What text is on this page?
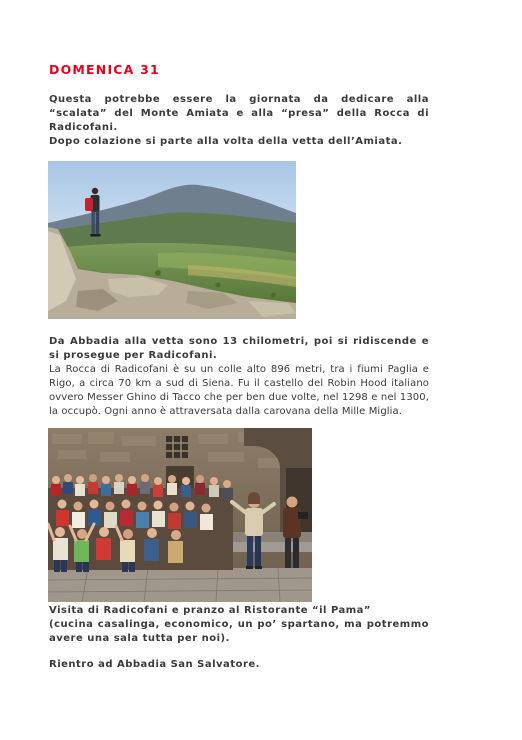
DOMENICA 31

Questa potrebbe essere la giornata da dedicare alla “scalata” del Monte Amiata e alla “presa” della Rocca di Radicofani.

Dopo colazione si parte alla volta della vetta dell’Amiata.

Da Abbadia alla vetta sono 13 chilometri, poi si ridiscende e si prosegue per Radicofani.

La Rocca di Radicofani è su un colle alto 896 metri, tra i fiumi Paglia e Rigo, a circa 70 km a sud di Siena. Fu il castello del Robin Hood italiano ovvero Messer Ghino di Tacco che per ben due volte, nel 1298 e nel 1300, la occupò. Ogni anno è attraversata dalla carovana della Mille Miglia.

Visita di Radicofani e pranzo al Ristorante “il Pama”

(cucina casalinga, economico, un po’ spartano, ma potremmo avere una sala tutta per noi).

Rientro ad Abbadia San Salvatore.
